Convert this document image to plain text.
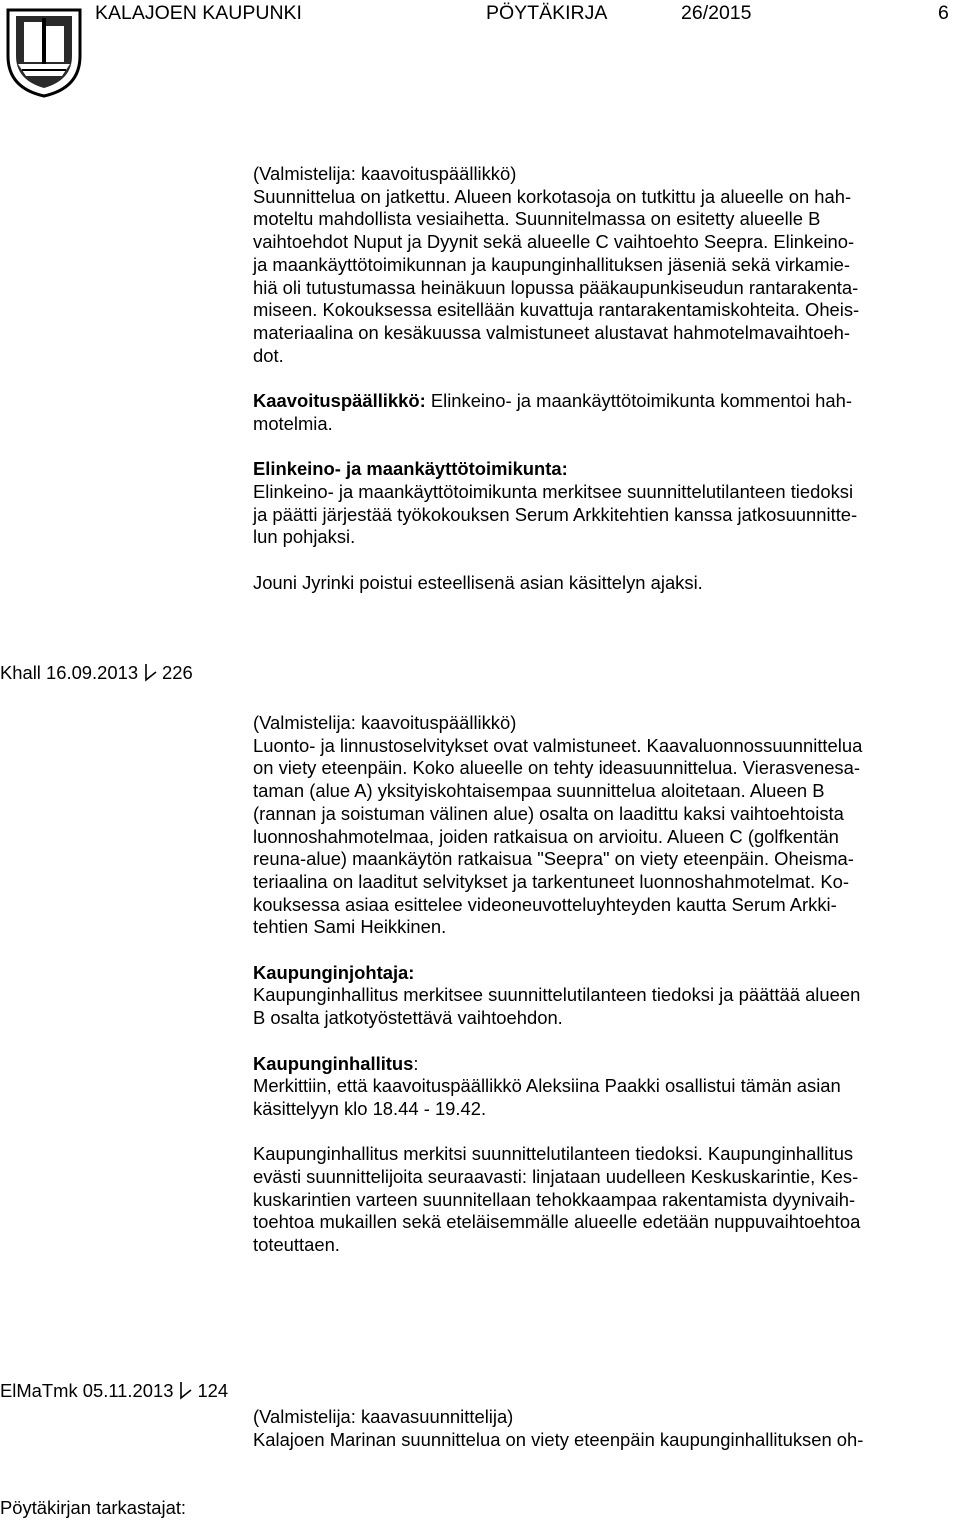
KALAJOEN KAUPUNKI	PÖYTÄKIRJA	26/2015	6
(Valmistelija: kaavoituspäällikkö)
Suunnittelua on jatkettu. Alueen korkotasoja on tutkittu ja alueelle on hah-
moteltu mahdollista vesiaihetta. Suunnitelmassa on esitetty alueelle B
vaihtoehdot Nuput ja Dyynit sekä alueelle C vaihtoehto Seepra. Elinkeino-
ja maankäyttötoimikunnan ja kaupunginhallituksen jäseniä sekä virkamie-
hiä oli tutustumassa heinäkuun lopussa pääkaupunkiseudun rantarakenta-
miseen. Kokouksessa esitellään kuvattuja rantarakentamiskohteita. Oheis-
materiaalina on kesäkuussa valmistuneet alustavat hahmotelmavaihtoeh-
dot.
Kaavoituspäällikkö: Elinkeino- ja maankäyttötoimikunta kommentoi hah-
motelmia.
Elinkeino- ja maankäyttötoimikunta:
Elinkeino- ja maankäyttötoimikunta merkitsee suunnittelutilanteen tiedoksi
ja päätti järjestää työkokouksen Serum Arkkitehtien kanssa jatkosuunnitte-
lun pohjaksi.
Jouni Jyrinki poistui esteellisenä asian käsittelyn ajaksi.
Khall 16.09.2013 226
(Valmistelija: kaavoituspäällikkö)
Luonto- ja linnustoselvitykset ovat valmistuneet. Kaavaluonnossuunnittelua
on viety eteenpäin. Koko alueelle on tehty ideasuunnittelua. Vierasvenesa-
taman (alue A) yksityiskohtaisempaa suunnittelua aloitetaan. Alueen B
(rannan ja soistuman välinen alue) osalta on laadittu kaksi vaihtoehtoista
luonnoshahmotelmaa, joiden ratkaisua on arvioitu. Alueen C (golfkentän
reuna-alue) maankäytön ratkaisua "Seepra" on viety eteenpäin. Oheisma-
teriaalina on laaditut selvitykset ja tarkentuneet luonnoshahmotelmat. Ko-
kouksessa asiaa esittelee videoneuvotteluyhteyden kautta Serum Arkki-
tehtien Sami Heikkinen.
Kaupunginjohtaja:
Kaupunginhallitus merkitsee suunnittelutilanteen tiedoksi ja päättää alueen
B osalta jatkotyöstettävä vaihtoehdon.
Kaupunginhallitus:
Merkittiin, että kaavoituspäällikkö Aleksiina Paakki osallistui tämän asian
käsittelyyn klo 18.44 - 19.42.
Kaupunginhallitus merkitsi suunnittelutilanteen tiedoksi. Kaupunginhallitus
evästi suunnittelijoita seuraavasti: linjataan uudelleen Keskuskarintie, Kes-
kuskarintien varteen suunnitellaan tehokkaampaa rakentamista dyynivaih-
toehtoa mukaillen sekä eteläisemmälle alueelle edetään nuppuvaihtoehtoa
toteuttaen.
ElMaTmk 05.11.2013 124
(Valmistelija: kaavasuunnittelija)
Kalajoen Marinan suunnittelua on viety eteenpäin kaupunginhallituksen oh-
Pöytäkirjan tarkastajat:
